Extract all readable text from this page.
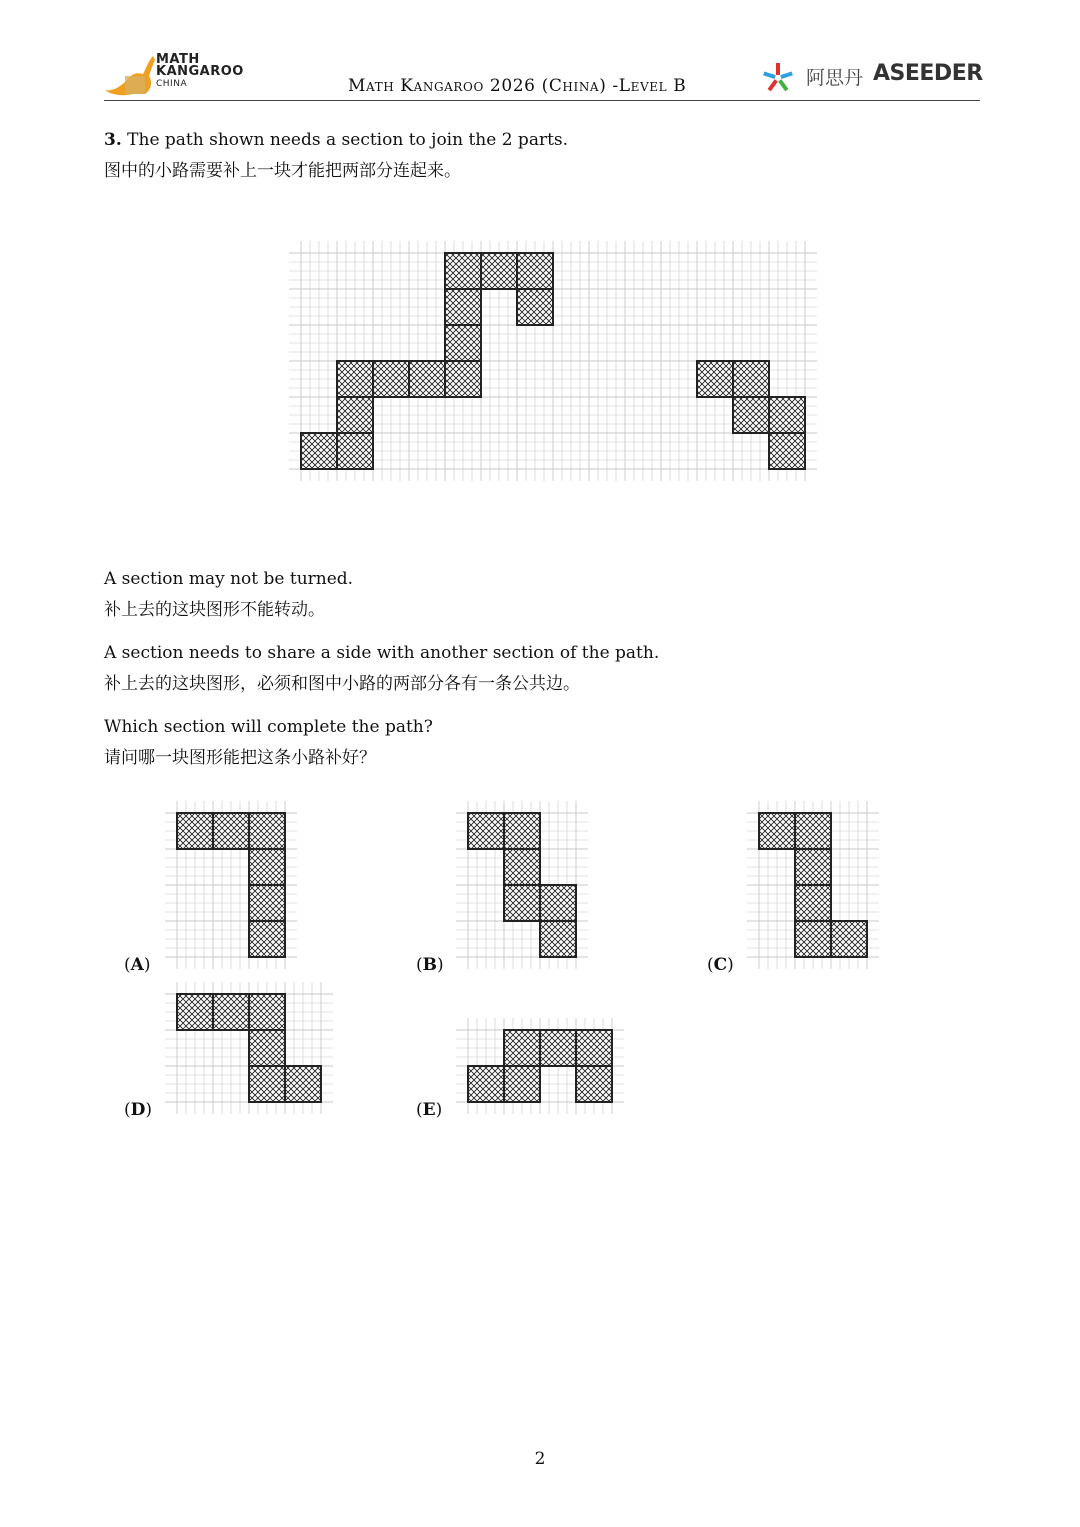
MATH
KANGAROO
CHINA	Math Kangaroo 2026 (China) -Level B	阿思丹 ASEEDER
3. The path shown needs a section to join the 2 parts.
图中的小路需要补上一块才能把两部分连起来。
A section may not be turned.
补上去的这块图形不能转动。
A section needs to share a side with another section of the path.
补上去的这块图形，必须和图中小路的两部分各有一条公共边。
Which section will complete the path?
请问哪一块图形能把这条小路补好？
(A)	(B)	(C)
(D)	(E)
2
